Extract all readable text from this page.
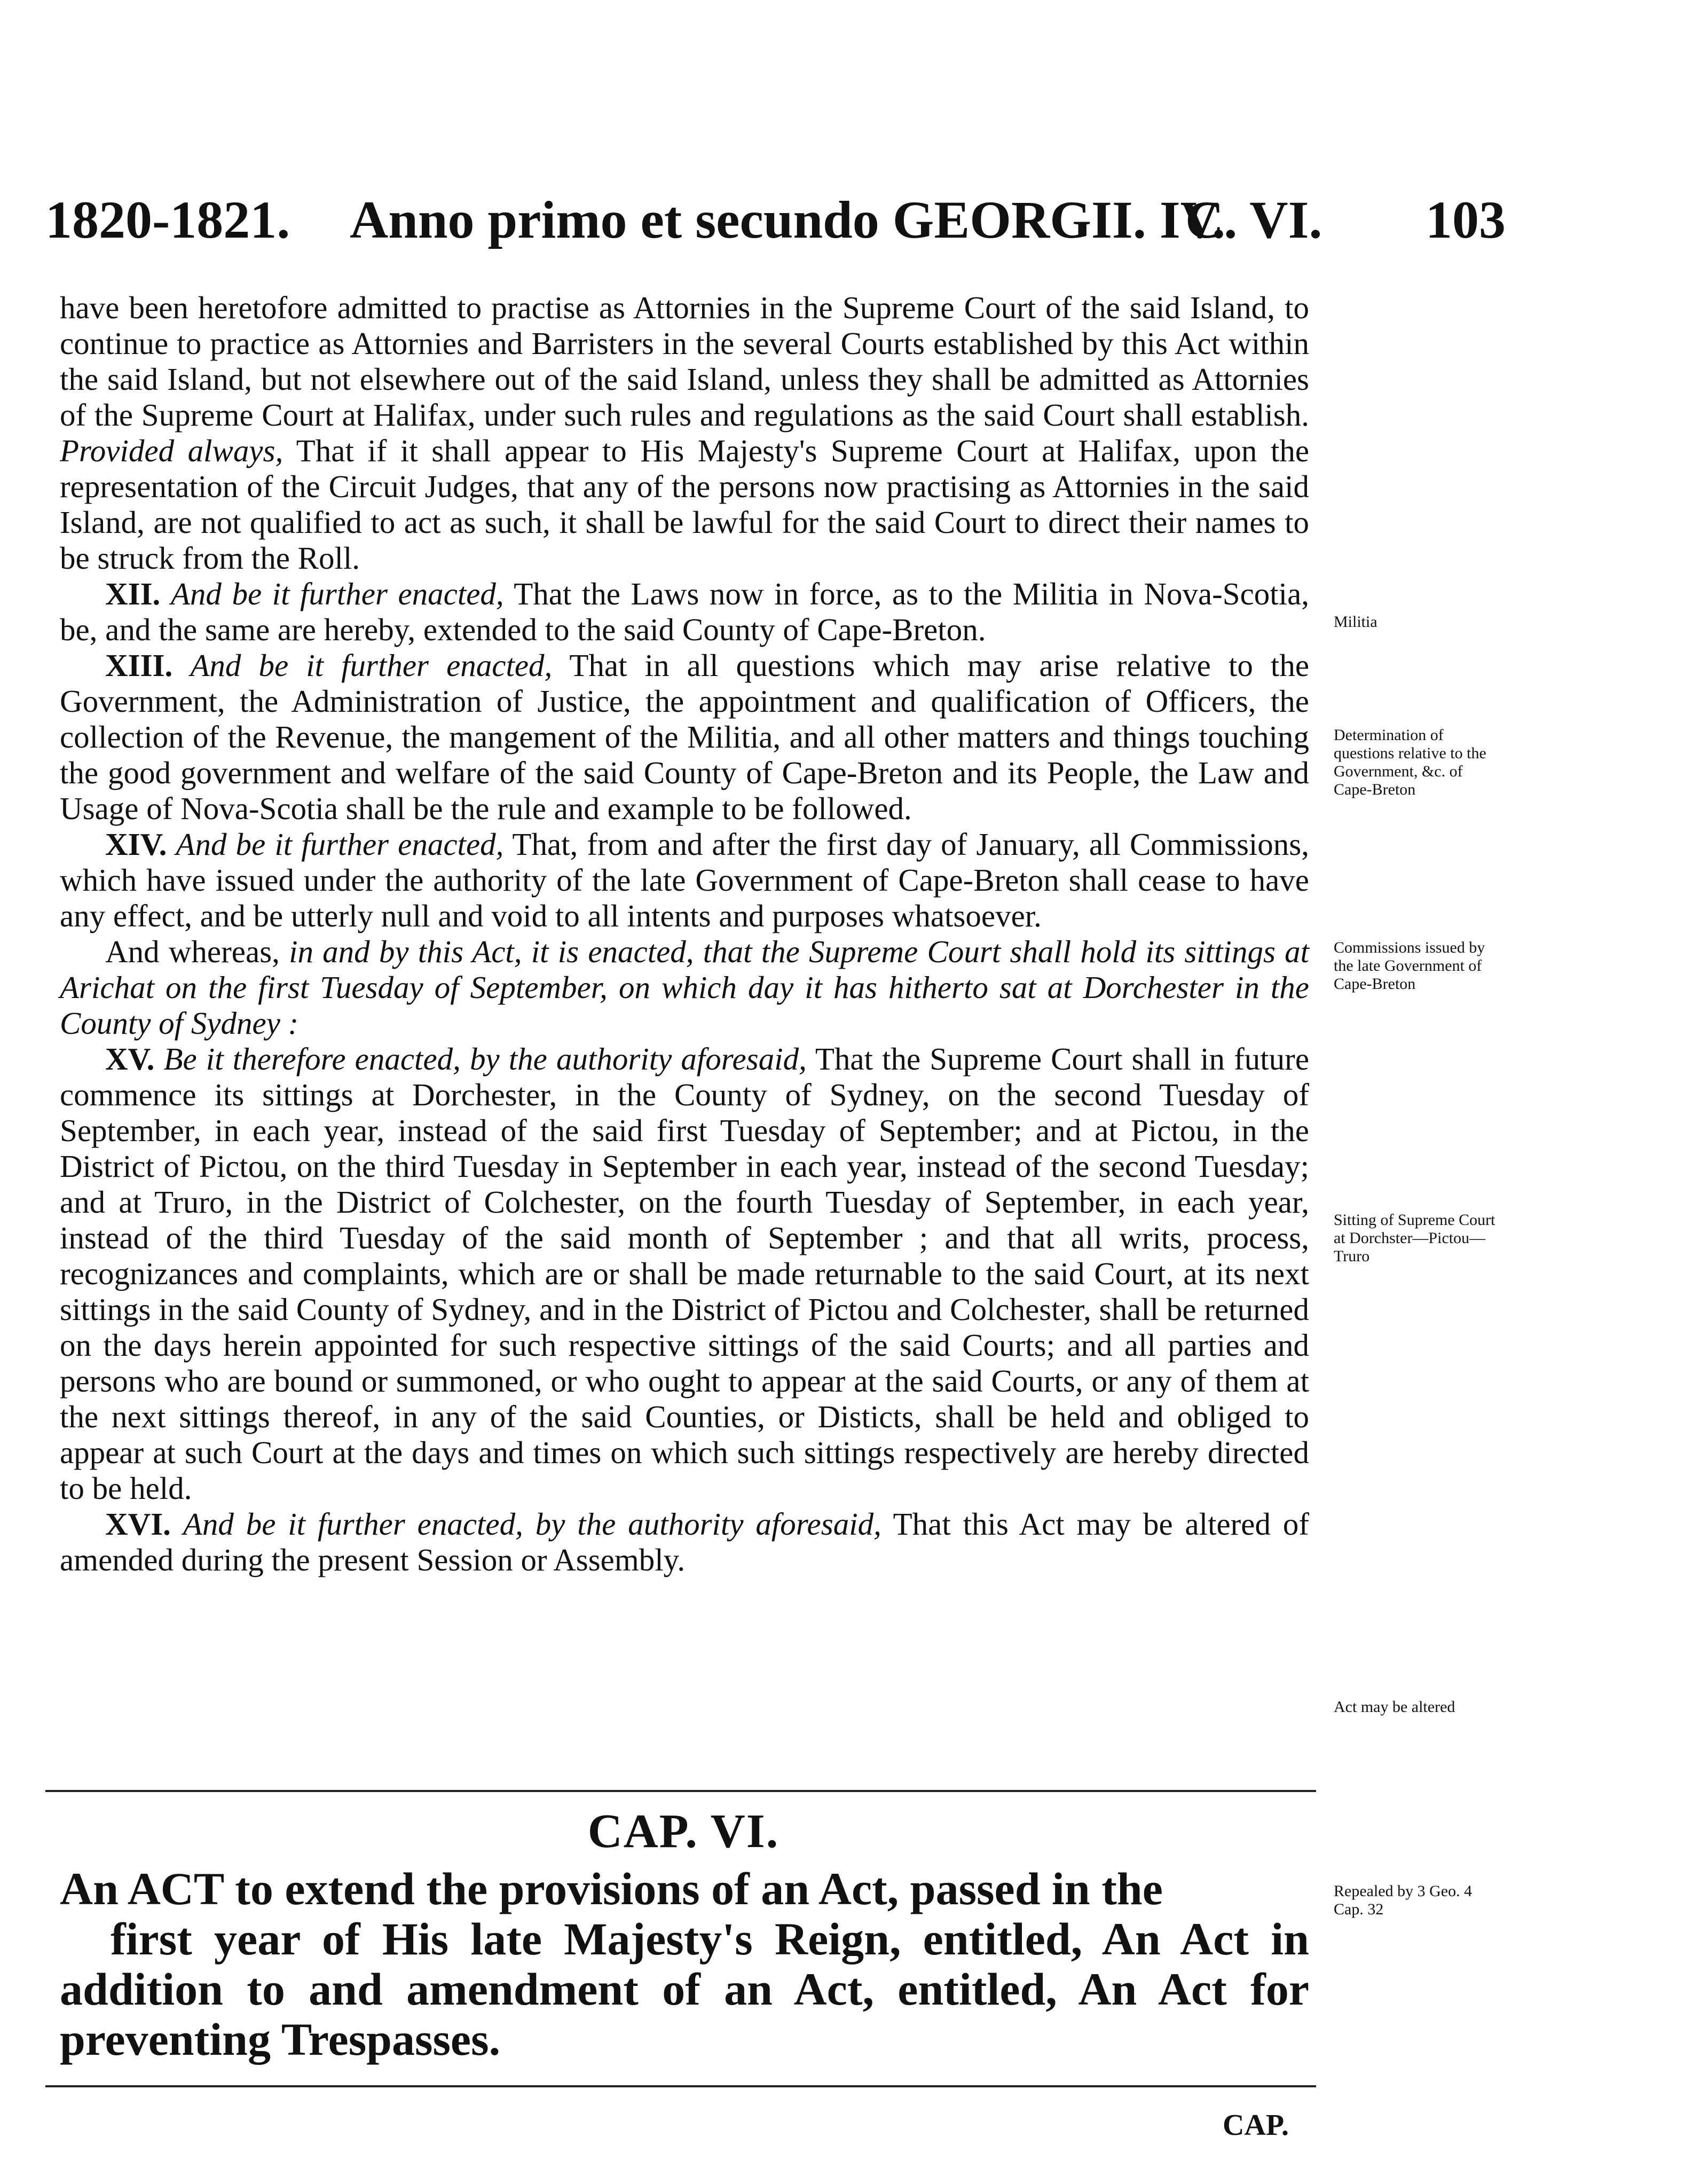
1820-1821. Anno primo et secundo GEORGII. IV.
C. VI. 103

have been heretofore admitted to practise as Attornies in the Supreme Court of the said Island, to continue to practice as Attornies and Barristers in the several Courts established by this Act within the said Island, but not elsewhere out of the said Island, unless they shall be admitted as Attornies of the Supreme Court at Halifax, under such rules and regulations as the said Court shall establish. Provided always, That if it shall appear to His Majesty's Supreme Court at Halifax, upon the representation of the Circuit Judges, that any of the persons now practising as Attornies in the said Island, are not qualified to act as such, it shall be lawful for the said Court to direct their names to be struck from the Roll.

XII. And be it further enacted, That the Laws now in force, as to the Militia in Nova-Scotia, be, and the same are hereby, extended to the said County of Cape-Breton.

XIII. And be it further enacted, That in all questions which may arise relative to the Government, the Administration of Justice, the appointment and qualification of Officers, the collection of the Revenue, the mangement of the Militia, and all other matters and things touching the good government and welfare of the said County of Cape-Breton and its People, the Law and Usage of Nova-Scotia shall be the rule and example to be followed.

XIV. And be it further enacted, That, from and after the first day of January, all Commissions, which have issued under the authority of the late Government of Cape-Breton shall cease to have any effect, and be utterly null and void to all intents and purposes whatsoever.

And whereas, in and by this Act, it is enacted, that the Supreme Court shall hold its sittings at Arichat on the first Tuesday of September, on which day it has hitherto sat at Dorchester in the County of Sydney :

XV. Be it therefore enacted, by the authority aforesaid, That the Supreme Court shall in future commence its sittings at Dorchester, in the County of Sydney, on the second Tuesday of September, in each year, instead of the said first Tuesday of September; and at Pictou, in the District of Pictou, on the third Tuesday in September in each year, instead of the second Tuesday; and at Truro, in the District of Colchester, on the fourth Tuesday of September, in each year, instead of the third Tuesday of the said month of September ; and that all writs, process, recognizances and complaints, which are or shall be made returnable to the said Court, at its next sittings in the said County of Sydney, and in the District of Pictou and Colchester, shall be returned on the days herein appointed for such respective sittings of the said Courts; and all parties and persons who are bound or summoned, or who ought to appear at the said Courts, or any of them at the next sittings thereof, in any of the said Counties, or Disticts, shall be held and obliged to appear at such Court at the days and times on which such sittings respectively are hereby directed to be held.

XVI. And be it further enacted, by the authority aforesaid, That this Act may be altered of amended during the present Session or Assembly.

Militia
Determination of questions relative to the Government, &c. of Cape-Breton
Commissions issued by the late Government of Cape-Breton
Sitting of Supreme Court at Dorchster—Pictou—Truro
Act may be altered
Repealed by 3 Geo. 4 Cap. 32
CAP. VI.
An ACT to extend the provisions of an Act, passed in the
first year of His late Majesty's Reign, entitled, An Act in addition to and amendment of an Act, entitled, An Act for preventing Trespasses.
CAP.
